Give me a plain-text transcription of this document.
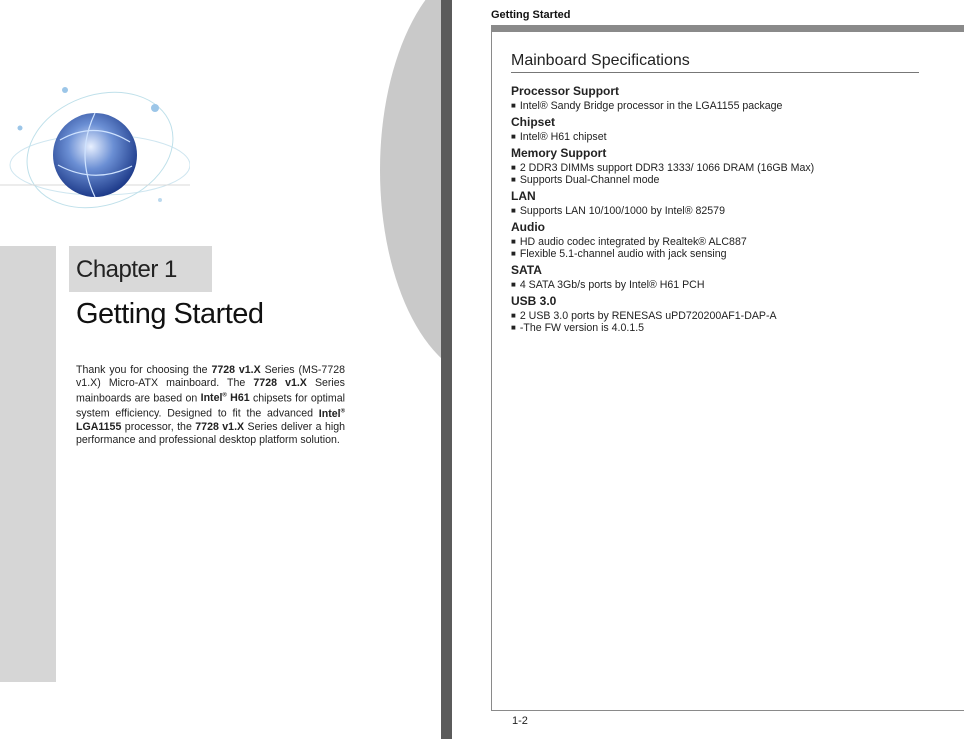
Chapter 1
Getting Started
Thank you for choosing the 7728 v1.X Series (MS-7728 v1.X) Micro-ATX mainboard. The 7728 v1.X Series mainboards are based on Intel® H61 chipsets for optimal system efficiency. Designed to fit the advanced Intel® LGA1155 processor, the 7728 v1.X Series deliver a high performance and professional desktop platform solution.
Getting Started
Mainboard Specifications
Processor Support
■ Intel® Sandy Bridge processor in the LGA1155 package
Chipset
■ Intel® H61 chipset
Memory Support
■ 2 DDR3 DIMMs support DDR3 1333/ 1066 DRAM (16GB Max)
■ Supports Dual-Channel mode
LAN
■ Supports LAN 10/100/1000 by Intel® 82579
Audio
■ HD audio codec integrated by Realtek® ALC887
■ Flexible 5.1-channel audio with jack sensing
SATA
■ 4 SATA 3Gb/s ports by Intel® H61 PCH
USB 3.0
■ 2 USB 3.0 ports by RENESAS uPD720200AF1-DAP-A
■ -The FW version is 4.0.1.5
1-2
